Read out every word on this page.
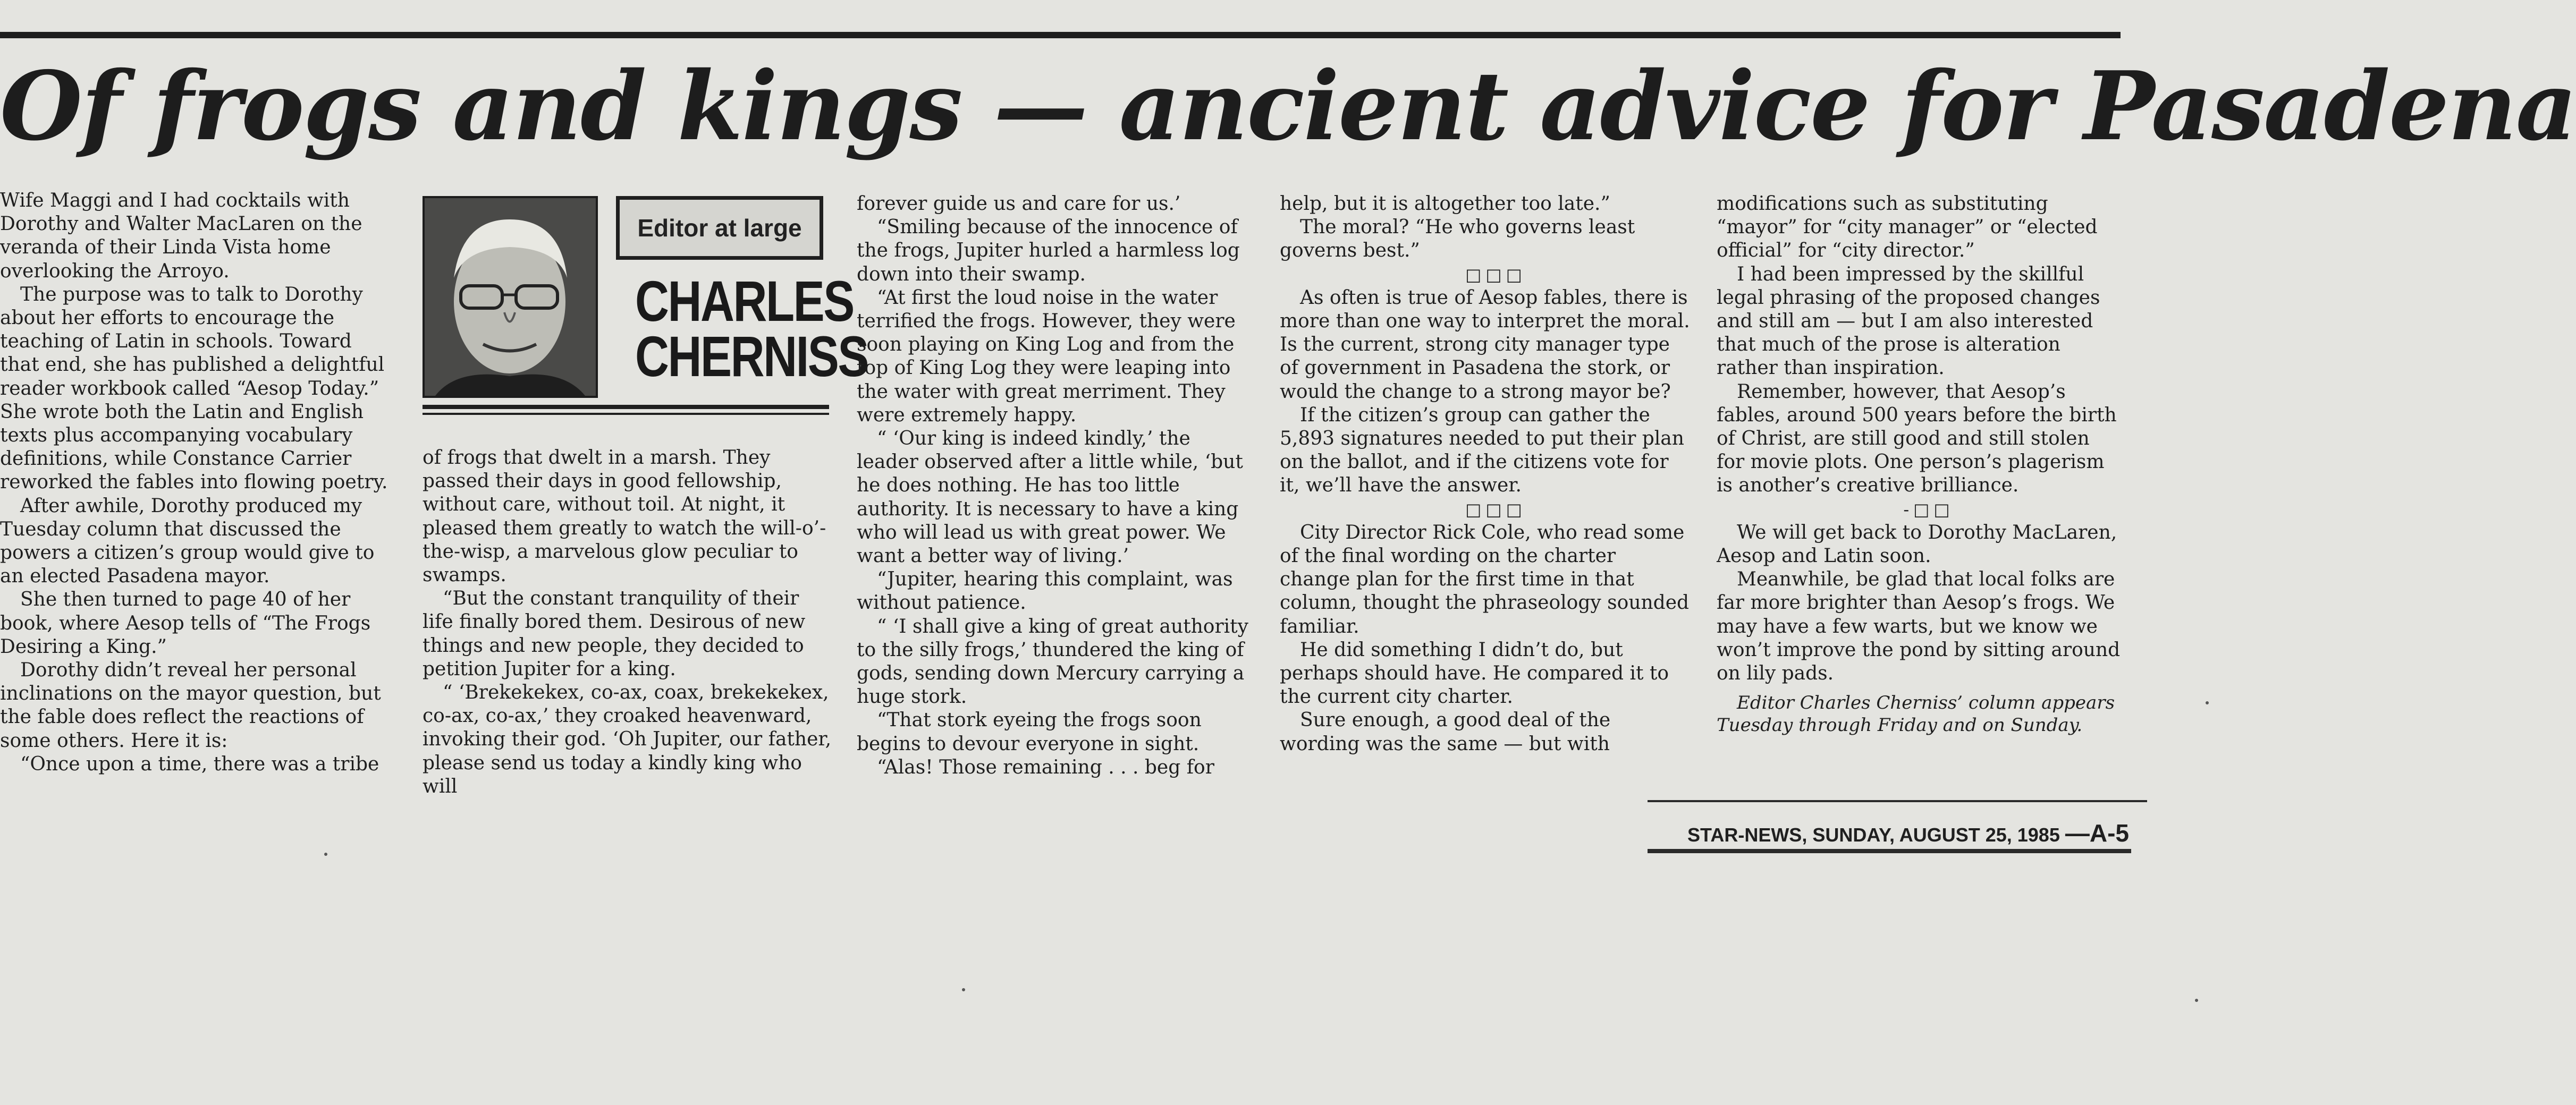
Of frogs and kings — ancient advice for Pasadena

Wife Maggi and I had cocktails with Dorothy and Walter MacLaren on the veranda of their Linda Vista home overlooking the Arroyo.

The purpose was to talk to Dorothy about her efforts to encourage the teaching of Latin in schools. Toward that end, she has published a delightful reader workbook called “Aesop Today.” She wrote both the Latin and English texts plus accompanying vocabulary definitions, while Constance Carrier reworked the fables into flowing poetry.

After awhile, Dorothy produced my Tuesday column that discussed the powers a citizen’s group would give to an elected Pasadena mayor.

She then turned to page 40 of her book, where Aesop tells of “The Frogs Desiring a King.”

Dorothy didn’t reveal her personal inclinations on the mayor question, but the fable does reflect the reactions of some others. Here it is:

“Once upon a time, there was a tribe

Editor at large
CHARLES
CHERNISS

of frogs that dwelt in a marsh. They passed their days in good fellowship, without care, without toil. At night, it pleased them greatly to watch the will-o’-the-wisp, a marvelous glow peculiar to swamps.

“But the constant tranquility of their life finally bored them. Desirous of new things and new people, they decided to petition Jupiter for a king.

“ ‘Brekekekex, co-ax, coax, brekekekex, co-ax, co-ax,’ they croaked heavenward, invoking their god. ‘Oh Jupiter, our father, please send us today a kindly king who will

forever guide us and care for us.’

“Smiling because of the innocence of the frogs, Jupiter hurled a harmless log down into their swamp.

“At first the loud noise in the water terrified the frogs. However, they were soon playing on King Log and from the top of King Log they were leaping into the water with great merriment. They were extremely happy.

“ ‘Our king is indeed kindly,’ the leader observed after a little while, ‘but he does nothing. He has too little authority. It is necessary to have a king who will lead us with great power. We want a better way of living.’

“Jupiter, hearing this complaint, was without patience.

“ ‘I shall give a king of great authority to the silly frogs,’ thundered the king of gods, sending down Mercury carrying a huge stork.

“That stork eyeing the frogs soon begins to devour everyone in sight.

“Alas! Those remaining . . . beg for

help, but it is altogether too late.”

The moral? “He who governs least governs best.”

□□□

As often is true of Aesop fables, there is more than one way to interpret the moral. Is the current, strong city manager type of government in Pasadena the stork, or would the change to a strong mayor be?

If the citizen’s group can gather the 5,893 signatures needed to put their plan on the ballot, and if the citizens vote for it, we’ll have the answer.

□□□

City Director Rick Cole, who read some of the final wording on the charter change plan for the first time in that column, thought the phraseology sounded familiar.

He did something I didn’t do, but perhaps should have. He compared it to the current city charter.

Sure enough, a good deal of the wording was the same — but with

modifications such as substituting “mayor” for “city manager” or “elected official” for “city director.”

I had been impressed by the skillful legal phrasing of the proposed changes and still am — but I am also interested that much of the prose is alteration rather than inspiration.

Remember, however, that Aesop’s fables, around 500 years before the birth of Christ, are still good and still stolen for movie plots. One person’s plagerism is another’s creative brilliance.

-□□

We will get back to Dorothy MacLaren, Aesop and Latin soon.

Meanwhile, be glad that local folks are far more brighter than Aesop’s frogs. We may have a few warts, but we know we won’t improve the pond by sitting around on lily pads.

Editor Charles Cherniss’ column appears Tuesday through Friday and on Sunday.

STAR-NEWS, SUNDAY, AUGUST 25, 1985 —A-5
